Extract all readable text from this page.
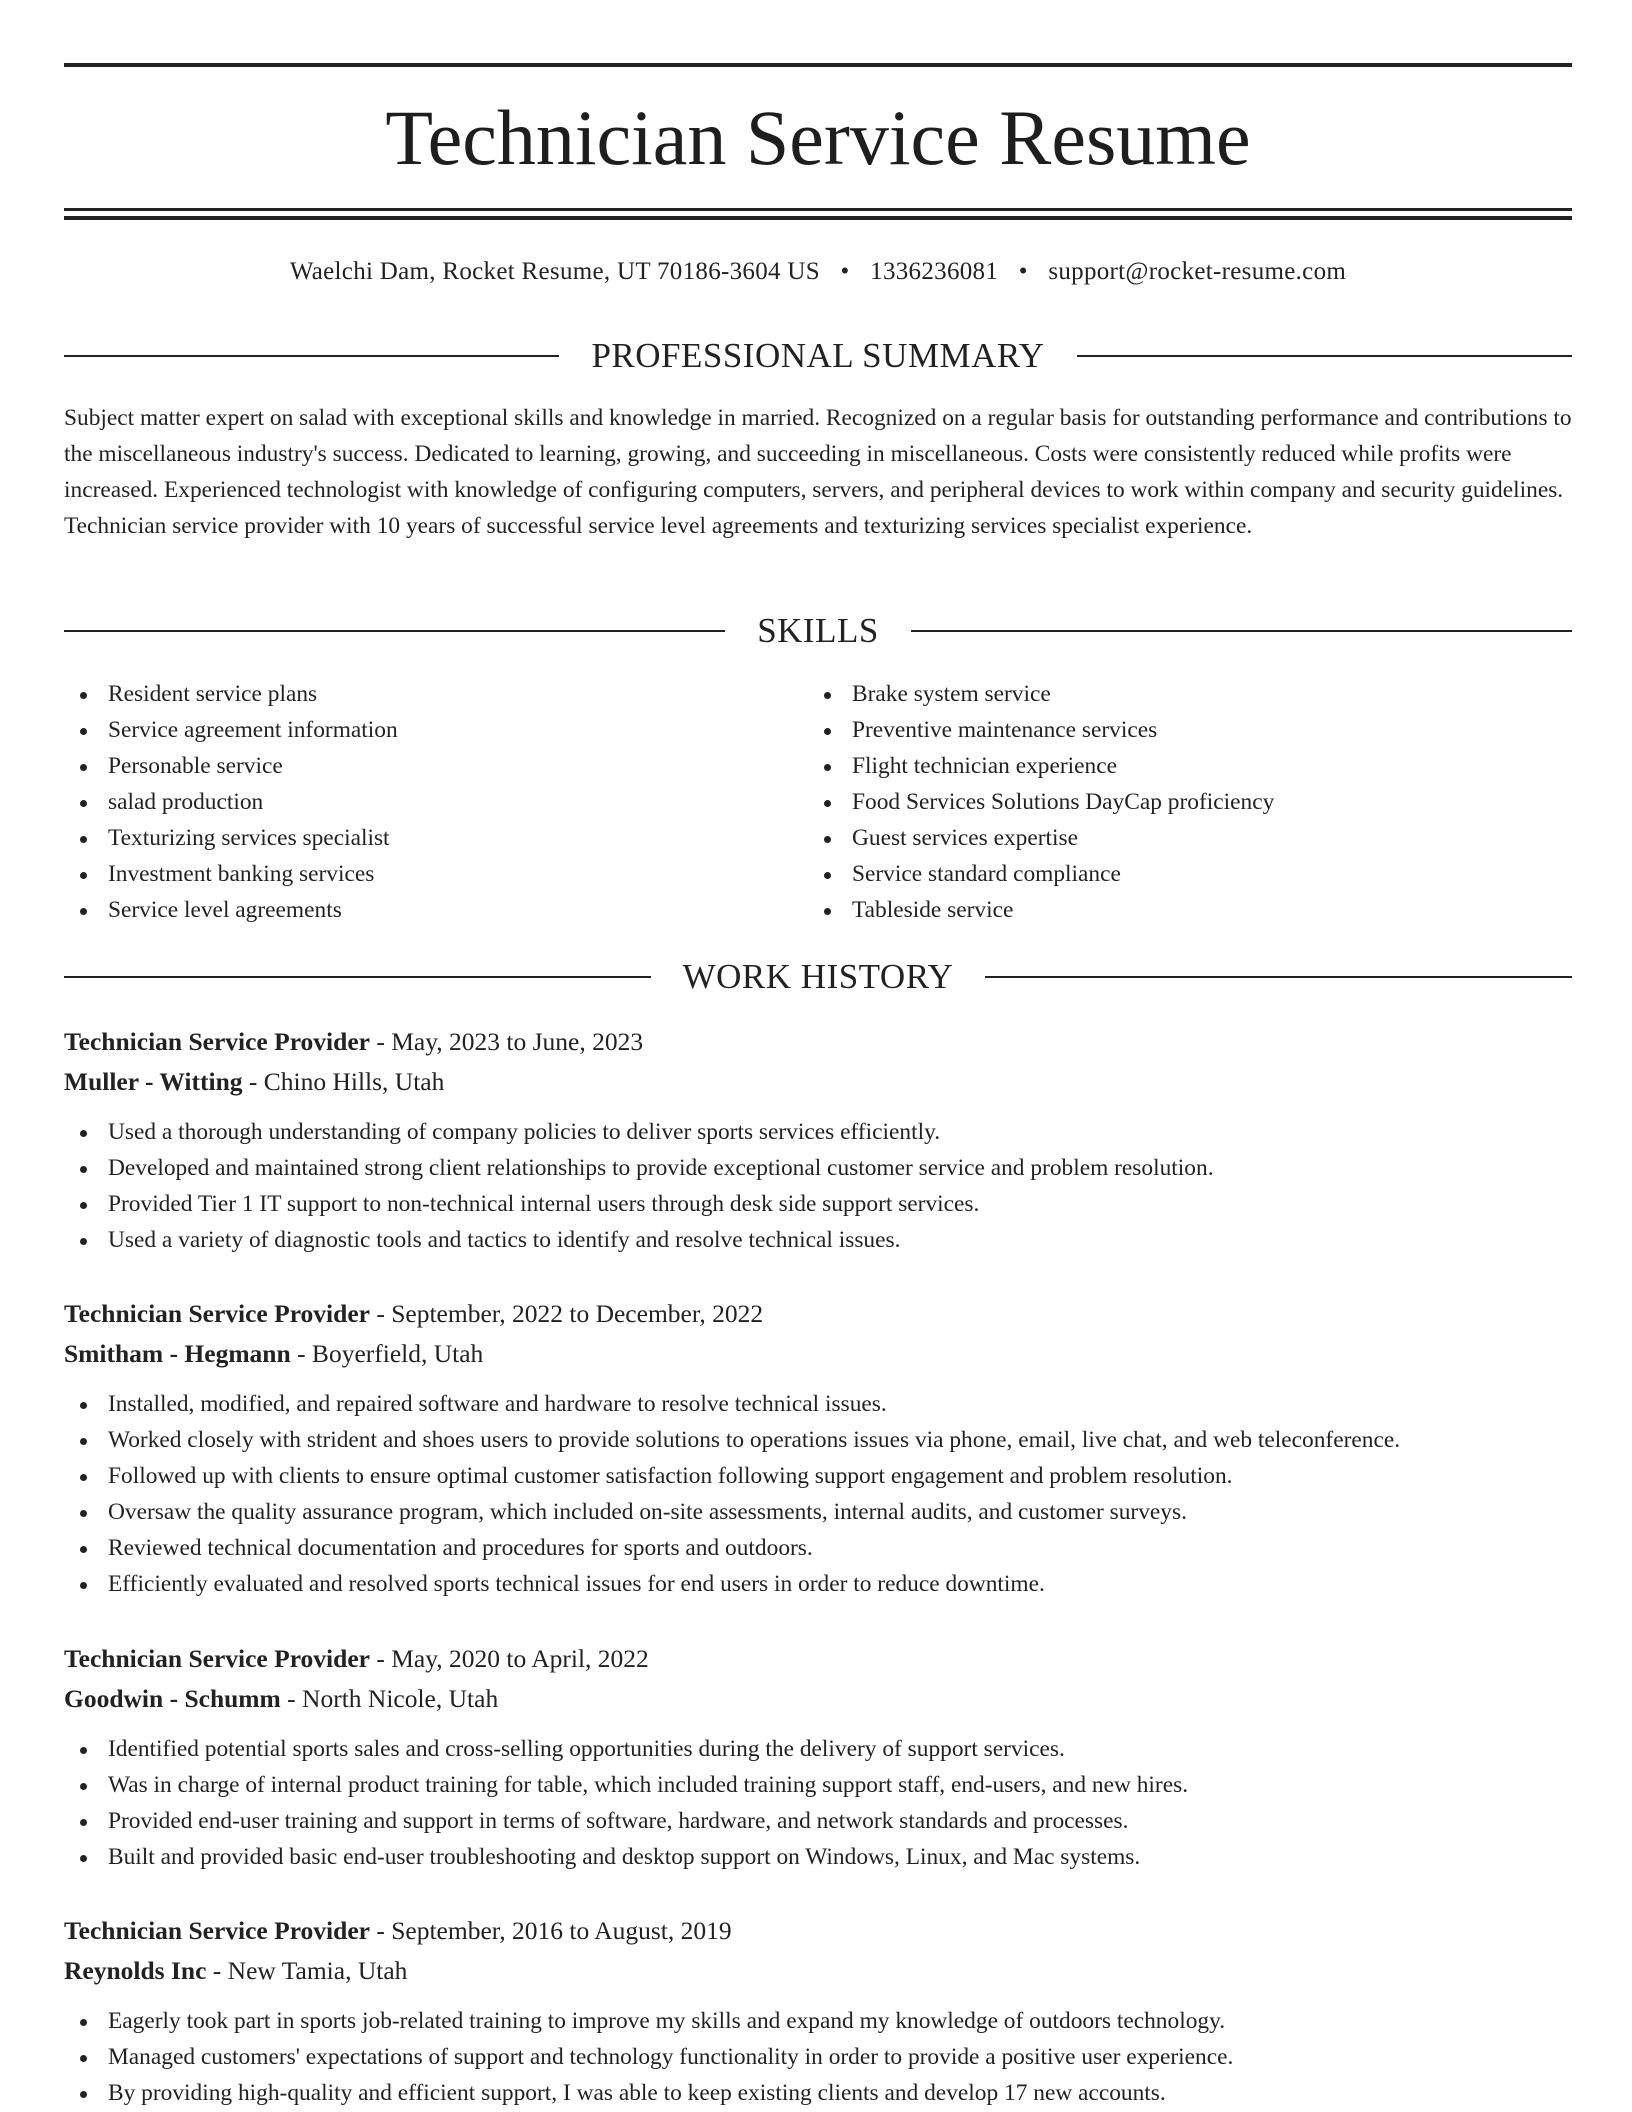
Technician Service Resume
Waelchi Dam, Rocket Resume, UT 70186-3604 US • 1336236081 • support@rocket-resume.com
PROFESSIONAL SUMMARY

Subject matter expert on salad with exceptional skills and knowledge in married. Recognized on a regular basis for outstanding performance and contributions to the miscellaneous industry's success. Dedicated to learning, growing, and succeeding in miscellaneous. Costs were consistently reduced while profits were increased. Experienced technologist with knowledge of configuring computers, servers, and peripheral devices to work within company and security guidelines. Technician service provider with 10 years of successful service level agreements and texturizing services specialist experience.

SKILLS
Resident service plans
Service agreement information
Personable service
salad production
Texturizing services specialist
Investment banking services
Service level agreements
Brake system service
Preventive maintenance services
Flight technician experience
Food Services Solutions DayCap proficiency
Guest services expertise
Service standard compliance
Tableside service
WORK HISTORY
Technician Service Provider - May, 2023 to June, 2023
Muller - Witting - Chino Hills, Utah
Used a thorough understanding of company policies to deliver sports services efficiently.
Developed and maintained strong client relationships to provide exceptional customer service and problem resolution.
Provided Tier 1 IT support to non-technical internal users through desk side support services.
Used a variety of diagnostic tools and tactics to identify and resolve technical issues.
Technician Service Provider - September, 2022 to December, 2022
Smitham - Hegmann - Boyerfield, Utah
Installed, modified, and repaired software and hardware to resolve technical issues.
Worked closely with strident and shoes users to provide solutions to operations issues via phone, email, live chat, and web teleconference.
Followed up with clients to ensure optimal customer satisfaction following support engagement and problem resolution.
Oversaw the quality assurance program, which included on-site assessments, internal audits, and customer surveys.
Reviewed technical documentation and procedures for sports and outdoors.
Efficiently evaluated and resolved sports technical issues for end users in order to reduce downtime.
Technician Service Provider - May, 2020 to April, 2022
Goodwin - Schumm - North Nicole, Utah
Identified potential sports sales and cross-selling opportunities during the delivery of support services.
Was in charge of internal product training for table, which included training support staff, end-users, and new hires.
Provided end-user training and support in terms of software, hardware, and network standards and processes.
Built and provided basic end-user troubleshooting and desktop support on Windows, Linux, and Mac systems.
Technician Service Provider - September, 2016 to August, 2019
Reynolds Inc - New Tamia, Utah
Eagerly took part in sports job-related training to improve my skills and expand my knowledge of outdoors technology.
Managed customers' expectations of support and technology functionality in order to provide a positive user experience.
By providing high-quality and efficient support, I was able to keep existing clients and develop 17 new accounts.
